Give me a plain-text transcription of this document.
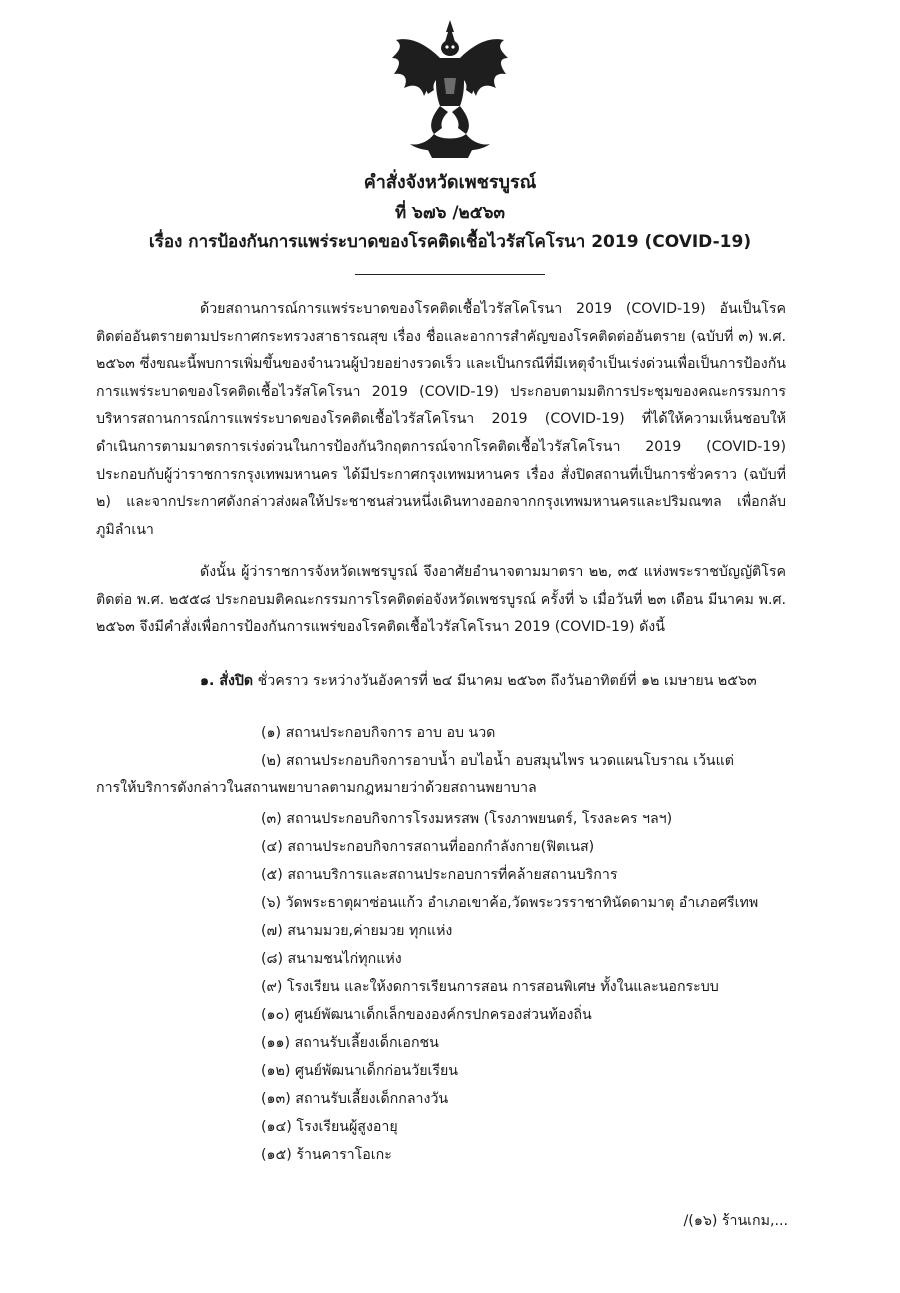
คำสั่งจังหวัดเพชรบูรณ์
ที่ ๖๗๖ /๒๕๖๓
เรื่อง การป้องกันการแพร่ระบาดของโรคติดเชื้อไวรัสโคโรนา 2019 (COVID-19)
ด้วยสถานการณ์การแพร่ระบาดของโรคติดเชื้อไวรัสโคโรนา 2019 (COVID-19) อันเป็นโรคติดต่ออันตรายตามประกาศกระทรวงสาธารณสุข เรื่อง ชื่อและอาการสำคัญของโรคติดต่ออันตราย (ฉบับที่ ๓) พ.ศ. ๒๕๖๓ ซึ่งขณะนี้พบการเพิ่มขึ้นของจำนวนผู้ป่วยอย่างรวดเร็ว และเป็นกรณีที่มีเหตุจำเป็นเร่งด่วนเพื่อเป็นการป้องกันการแพร่ระบาดของโรคติดเชื้อไวรัสโคโรนา 2019 (COVID-19) ประกอบตามมติการประชุมของคณะกรรมการบริหารสถานการณ์การแพร่ระบาดของโรคติดเชื้อไวรัสโคโรนา 2019 (COVID-19) ที่ได้ให้ความเห็นชอบให้ดำเนินการตามมาตรการเร่งด่วนในการป้องกันวิกฤตการณ์จากโรคติดเชื้อไวรัสโคโรนา 2019 (COVID-19) ประกอบกับผู้ว่าราชการกรุงเทพมหานคร ได้มีประกาศกรุงเทพมหานคร เรื่อง สั่งปิดสถานที่เป็นการชั่วคราว (ฉบับที่ ๒) และจากประกาศดังกล่าวส่งผลให้ประชาชนส่วนหนึ่งเดินทางออกจากกรุงเทพมหานครและปริมณฑล เพื่อกลับภูมิลำเนา
ดังนั้น ผู้ว่าราชการจังหวัดเพชรบูรณ์ จึงอาศัยอำนาจตามมาตรา ๒๒, ๓๕ แห่งพระราชบัญญัติโรคติดต่อ พ.ศ. ๒๕๕๘ ประกอบมติคณะกรรมการโรคติดต่อจังหวัดเพชรบูรณ์ ครั้งที่ ๖ เมื่อวันที่ ๒๓ เดือน มีนาคม พ.ศ. ๒๕๖๓ จึงมีคำสั่งเพื่อการป้องกันการแพร่ของโรคติดเชื้อไวรัสโคโรนา 2019 (COVID-19) ดังนี้
๑. สั่งปิด ชั่วคราว ระหว่างวันอังคารที่ ๒๔ มีนาคม ๒๕๖๓ ถึงวันอาทิตย์ที่ ๑๒ เมษายน ๒๕๖๓
(๑) สถานประกอบกิจการ อาบ อบ นวด
(๒) สถานประกอบกิจการอาบน้ำ อบไอน้ำ อบสมุนไพร นวดแผนโบราณ เว้นแต่
การให้บริการดังกล่าวในสถานพยาบาลตามกฎหมายว่าด้วยสถานพยาบาล
(๓) สถานประกอบกิจการโรงมหรสพ (โรงภาพยนตร์, โรงละคร ฯลฯ)
(๔) สถานประกอบกิจการสถานที่ออกกำลังกาย(ฟิตเนส)
(๕) สถานบริการและสถานประกอบการที่คล้ายสถานบริการ
(๖) วัดพระธาตุผาซ่อนแก้ว อำเภอเขาค้อ,วัดพระวรราชาทินัดดามาตุ อำเภอศรีเทพ
(๗) สนามมวย,ค่ายมวย ทุกแห่ง
(๘) สนามชนไก่ทุกแห่ง
(๙) โรงเรียน และให้งดการเรียนการสอน การสอนพิเศษ ทั้งในและนอกระบบ
(๑๐) ศูนย์พัฒนาเด็กเล็กขององค์กรปกครองส่วนท้องถิ่น
(๑๑) สถานรับเลี้ยงเด็กเอกชน
(๑๒) ศูนย์พัฒนาเด็กก่อนวัยเรียน
(๑๓) สถานรับเลี้ยงเด็กกลางวัน
(๑๔) โรงเรียนผู้สูงอายุ
(๑๕) ร้านคาราโอเกะ
/(๑๖) ร้านเกม,...
